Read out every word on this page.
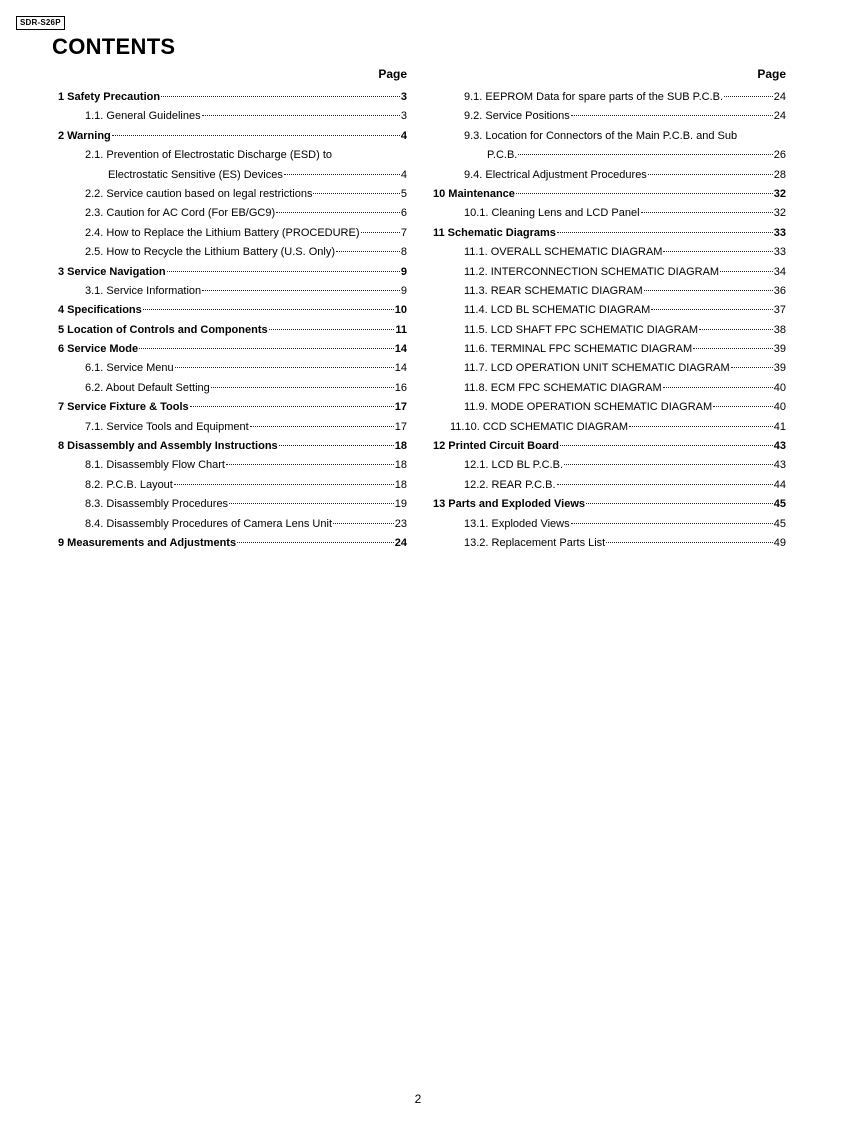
SDR-S26P
CONTENTS
Page
1 Safety Precaution	3
1.1. General Guidelines	3
2 Warning	4
2.1. Prevention of Electrostatic Discharge (ESD) to
Electrostatic Sensitive (ES) Devices	4
2.2. Service caution based on legal restrictions	5
2.3. Caution for AC Cord (For EB/GC9)	6
2.4. How to Replace the Lithium Battery (PROCEDURE)	7
2.5. How to Recycle the Lithium Battery (U.S. Only)	8
3 Service Navigation	9
3.1. Service Information	9
4 Specifications	10
5 Location of Controls and Components	11
6 Service Mode	14
6.1. Service Menu	14
6.2. About Default Setting	16
7 Service Fixture & Tools	17
7.1. Service Tools and Equipment	17
8 Disassembly and Assembly Instructions	18
8.1. Disassembly Flow Chart	18
8.2. P.C.B. Layout	18
8.3. Disassembly Procedures	19
8.4. Disassembly Procedures of Camera Lens Unit	23
9 Measurements and Adjustments	24
Page
9.1. EEPROM Data for spare parts of the SUB P.C.B.	24
9.2. Service Positions	24
9.3. Location for Connectors of the Main P.C.B. and Sub
P.C.B.	26
9.4. Electrical Adjustment Procedures	28
10 Maintenance	32
10.1. Cleaning Lens and LCD Panel	32
11 Schematic Diagrams	33
11.1. OVERALL SCHEMATIC DIAGRAM	33
11.2. INTERCONNECTION SCHEMATIC DIAGRAM	34
11.3. REAR SCHEMATIC DIAGRAM	36
11.4. LCD BL SCHEMATIC DIAGRAM	37
11.5. LCD SHAFT FPC SCHEMATIC DIAGRAM	38
11.6. TERMINAL FPC SCHEMATIC DIAGRAM	39
11.7. LCD OPERATION UNIT SCHEMATIC DIAGRAM	39
11.8. ECM FPC SCHEMATIC DIAGRAM	40
11.9. MODE OPERATION SCHEMATIC DIAGRAM	40
11.10. CCD SCHEMATIC DIAGRAM	41
12 Printed Circuit Board	43
12.1. LCD BL P.C.B.	43
12.2. REAR P.C.B.	44
13 Parts and Exploded Views	45
13.1. Exploded Views	45
13.2. Replacement Parts List	49
2
